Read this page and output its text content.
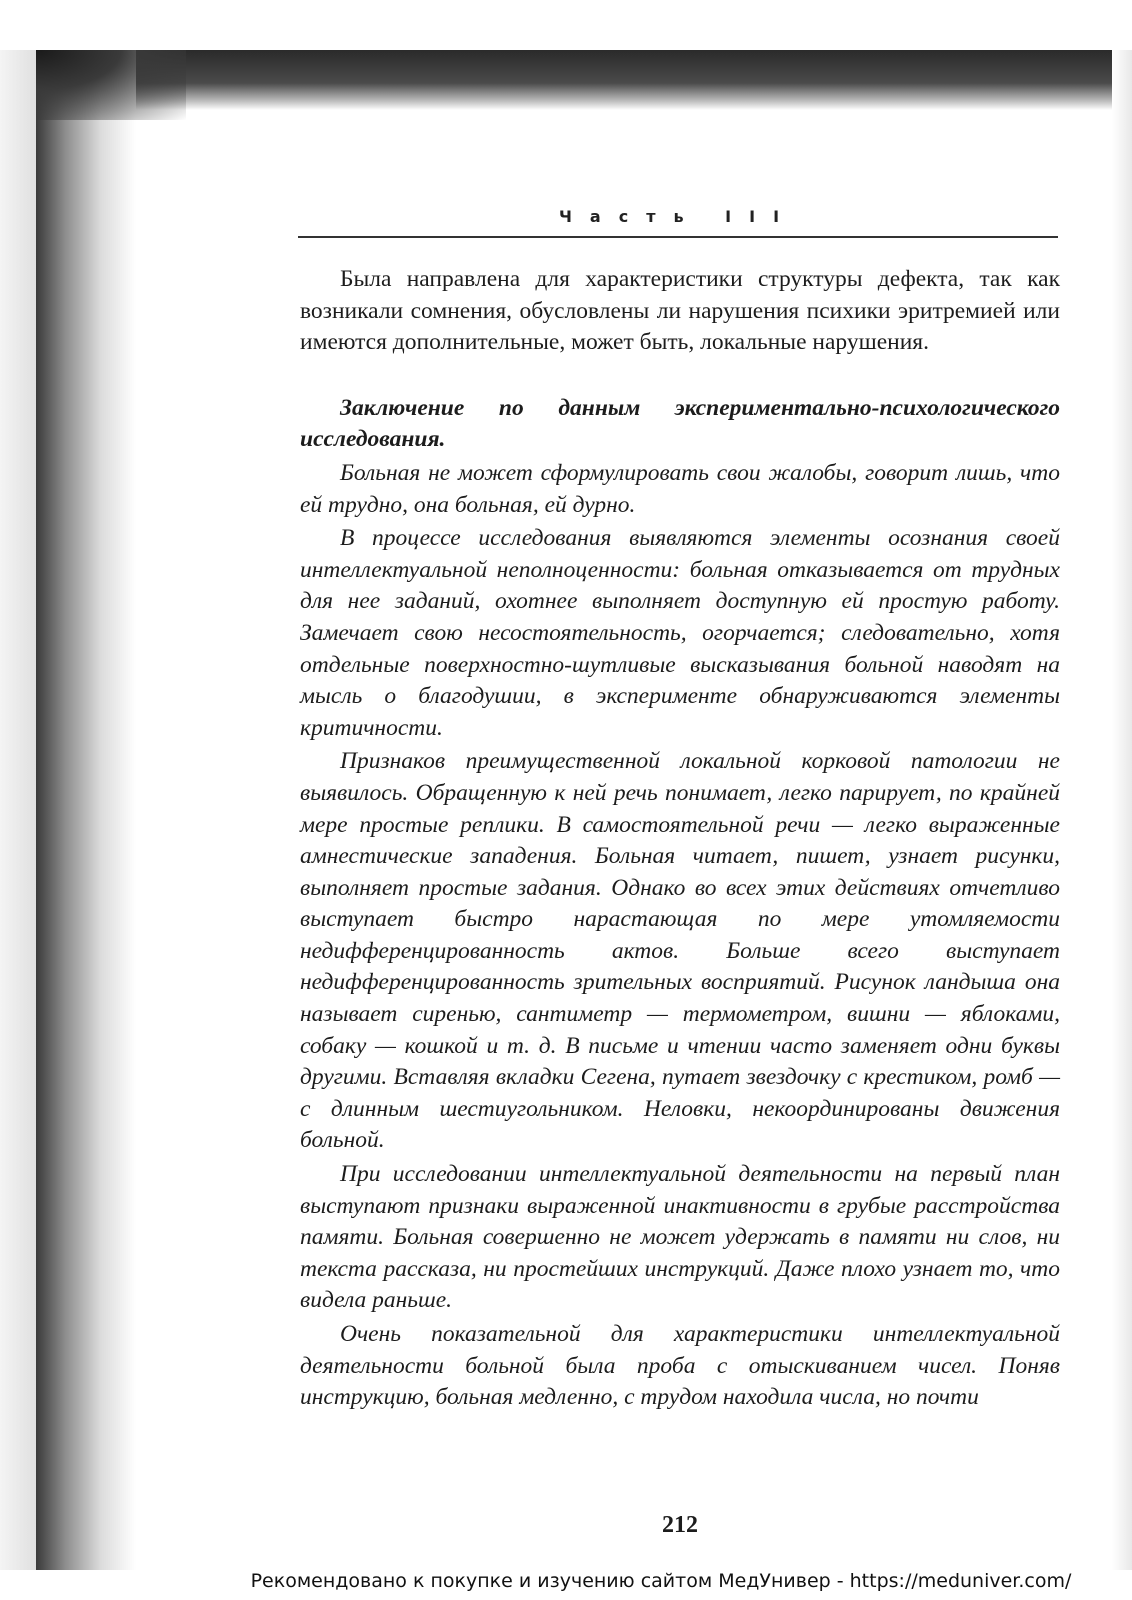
Часть III

Была направлена для характеристики структуры дефекта, так как возникали сомнения, обусловлены ли нарушения психики эритремией или имеются дополнительные, может быть, локальные нарушения.

Заключение по данным экспериментально-психологического исследования.

Больная не может сформулировать свои жалобы, говорит лишь, что ей трудно, она больная, ей дурно.

В процессе исследования выявляются элементы осознания своей интеллектуальной неполноценности: больная отказывается от трудных для нее заданий, охотнее выполняет доступную ей простую работу. Замечает свою несостоятельность, огорчается; следовательно, хотя отдельные поверхностно-шутливые высказывания больной наводят на мысль о благодушии, в эксперименте обнаруживаются элементы критичности.

Признаков преимущественной локальной корковой патологии не выявилось. Обращенную к ней речь понимает, легко парирует, по крайней мере простые реплики. В самостоятельной речи — легко выраженные амнестические западения. Больная читает, пишет, узнает рисунки, выполняет простые задания. Однако во всех этих действиях отчетливо выступает быстро нарастающая по мере утомляемости недифференцированность актов. Больше всего выступает недифференцированность зрительных восприятий. Рисунок ландыша она называет сиренью, сантиметр — термометром, вишни — яблоками, собаку — кошкой и т. д. В письме и чтении часто заменяет одни буквы другими. Вставляя вкладки Сегена, путает звездочку с крестиком, ромб — с длинным шестиугольником. Неловки, некоординированы движения больной.

При исследовании интеллектуальной деятельности на первый план выступают признаки выраженной инактивности в грубые расстройства памяти. Больная совершенно не может удержать в памяти ни слов, ни текста рассказа, ни простейших инструкций. Даже плохо узнает то, что видела раньше.

Очень показательной для характеристики интеллектуальной деятельности больной была проба с отыскиванием чисел. Поняв инструкцию, больная медленно, с трудом находила числа, но почти

212
Рекомендовано к покупке и изучению сайтом МедУнивер - https://meduniver.com/
